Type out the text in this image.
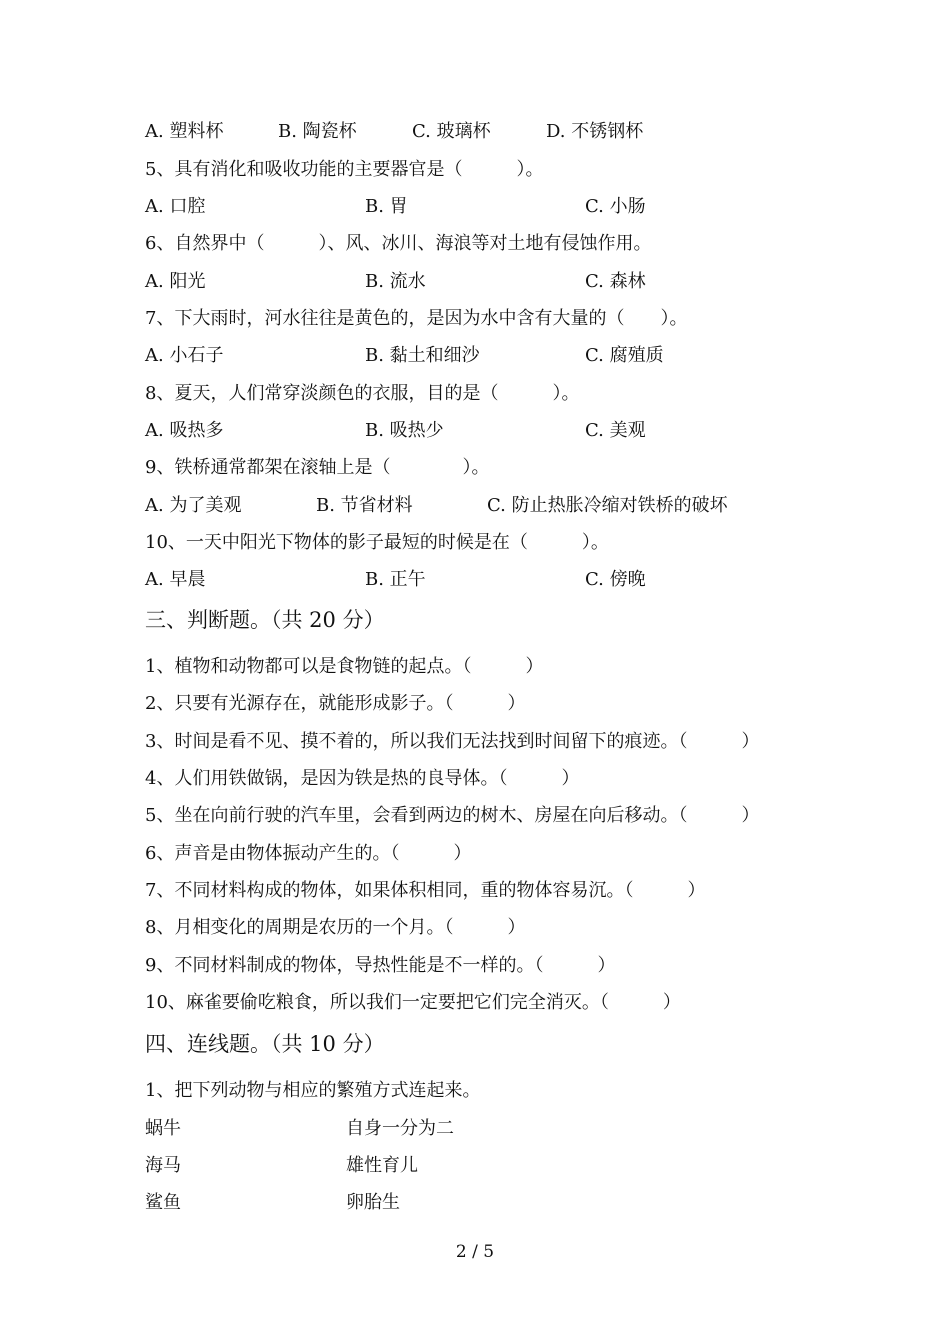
A. 塑料杯	B. 陶瓷杯	C. 玻璃杯	D. 不锈钢杯
5、具有消化和吸收功能的主要器官是（　　　）。
A. 口腔	B. 胃	C. 小肠
6、自然界中（　　　）、风、冰川、海浪等对土地有侵蚀作用。
A. 阳光	B. 流水	C. 森林
7、下大雨时，河水往往是黄色的，是因为水中含有大量的（　　）。
A. 小石子	B. 黏土和细沙	C. 腐殖质
8、夏天，人们常穿淡颜色的衣服，目的是（　　　）。
A. 吸热多	B. 吸热少	C. 美观
9、铁桥通常都架在滚轴上是（　　　　）。
A. 为了美观	B. 节省材料	C. 防止热胀冷缩对铁桥的破坏
10、一天中阳光下物体的影子最短的时候是在（　　　）。
A. 早晨	B. 正午	C. 傍晚
三、判断题。（共 20 分）
1、植物和动物都可以是食物链的起点。（　　　）
2、只要有光源存在，就能形成影子。（　　　）
3、时间是看不见、摸不着的，所以我们无法找到时间留下的痕迹。（　　　）
4、人们用铁做锅，是因为铁是热的良导体。（　　　）
5、坐在向前行驶的汽车里，会看到两边的树木、房屋在向后移动。（　　　）
6、声音是由物体振动产生的。（　　　）
7、不同材料构成的物体，如果体积相同，重的物体容易沉。（　　　）
8、月相变化的周期是农历的一个月。（　　　）
9、不同材料制成的物体，导热性能是不一样的。（　　　）
10、麻雀要偷吃粮食，所以我们一定要把它们完全消灭。（　　　）
四、连线题。（共 10 分）
1、把下列动物与相应的繁殖方式连起来。
蜗牛	自身一分为二
海马	雄性育儿
鲨鱼	卵胎生
2 / 5
